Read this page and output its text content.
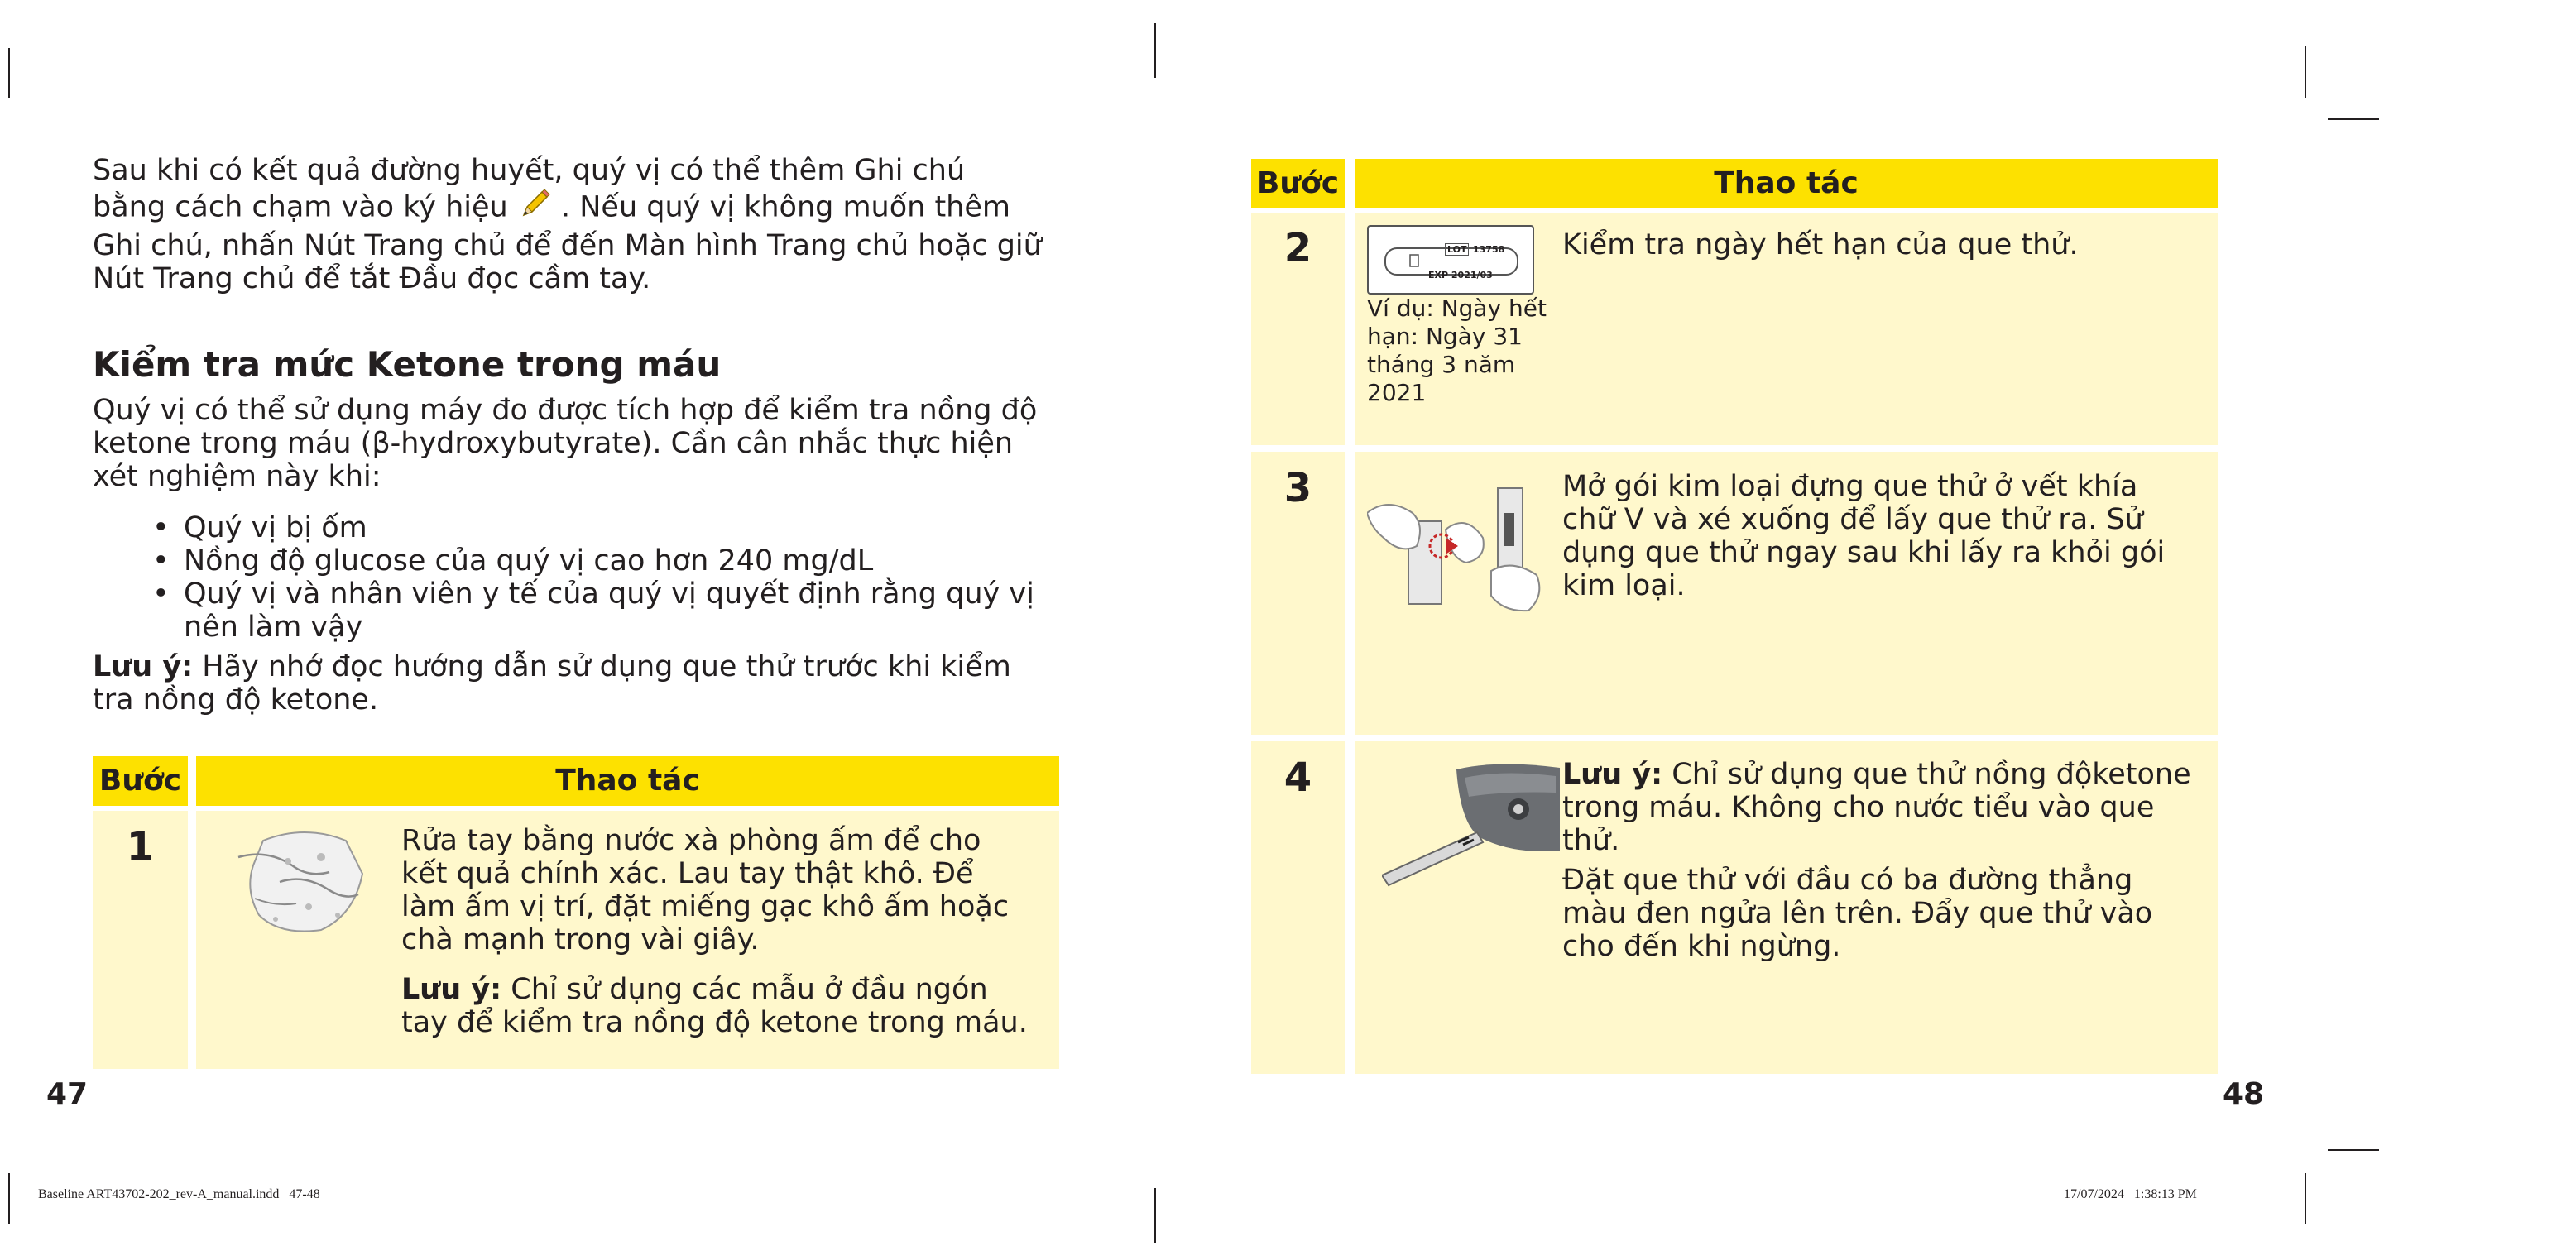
Sau khi có kết quả đường huyết, quý vị có thể thêm Ghi chú bằng cách chạm vào ký hiệu . Nếu quý vị không muốn thêm Ghi chú, nhấn Nút Trang chủ để đến Màn hình Trang chủ hoặc giữ Nút Trang chủ để tắt Đầu đọc cầm tay.
Kiểm tra mức Ketone trong máu
Quý vị có thể sử dụng máy đo được tích hợp để kiểm tra nồng độ ketone trong máu (β-hydroxybutyrate). Cần cân nhắc thực hiện xét nghiệm này khi:
• Quý vị bị ốm
• Nồng độ glucose của quý vị cao hơn 240 mg/dL
• Quý vị và nhân viên y tế của quý vị quyết định rằng quý vị nên làm vậy
Lưu ý: Hãy nhớ đọc hướng dẫn sử dụng que thử trước khi kiểm tra nồng độ ketone.
Bước	Thao tác
1	Rửa tay bằng nước xà phòng ấm để cho kết quả chính xác. Lau tay thật khô. Để làm ấm vị trí, đặt miếng gạc khô ấm hoặc chà mạnh trong vài giây.
Lưu ý: Chỉ sử dụng các mẫu ở đầu ngón tay để kiểm tra nồng độ ketone trong máu.
47
Bước	Thao tác
2	LOT 13758
EXP 2021/03
Ví dụ: Ngày hết hạn: Ngày 31 tháng 3 năm 2021
Kiểm tra ngày hết hạn của que thử.
3	Mở gói kim loại đựng que thử ở vết khía chữ V và xé xuống để lấy que thử ra. Sử dụng que thử ngay sau khi lấy ra khỏi gói kim loại.
4	Lưu ý: Chỉ sử dụng que thử nồng độketone trong máu. Không cho nước tiểu vào que thử.
Đặt que thử với đầu có ba đường thẳng màu đen ngửa lên trên. Đẩy que thử vào cho đến khi ngừng.
48
Baseline ART43702-202_rev-A_manual.indd   47-48	17/07/2024   1:38:13 PM
